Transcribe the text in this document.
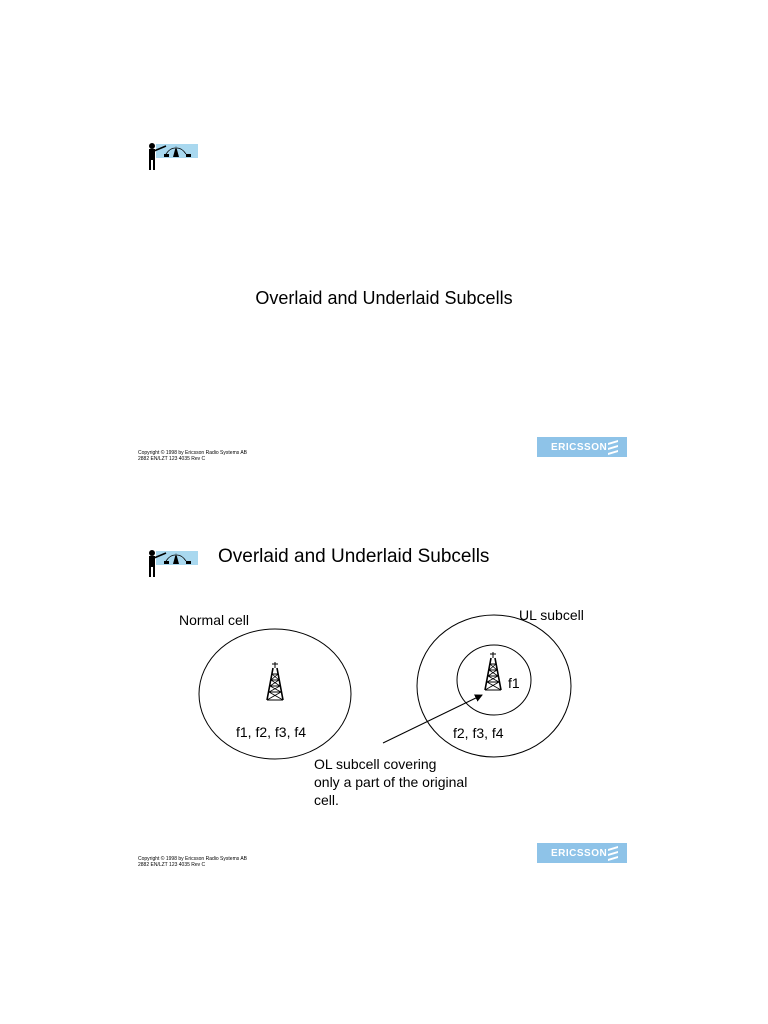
Overlaid and Underlaid Subcells
Copyright © 1998 by Ericsson Radio Systems AB
2882 EN/LZT 123 4035 Rev C
ERICSSON
Overlaid and Underlaid Subcells
Normal cell	UL subcell
f1, f2, f3, f4
f1
f2, f3, f4
OL subcell covering
only a part of the original
cell.
Copyright © 1998 by Ericsson Radio Systems AB
2882 EN/LZT 123 4035 Rev C
ERICSSON
